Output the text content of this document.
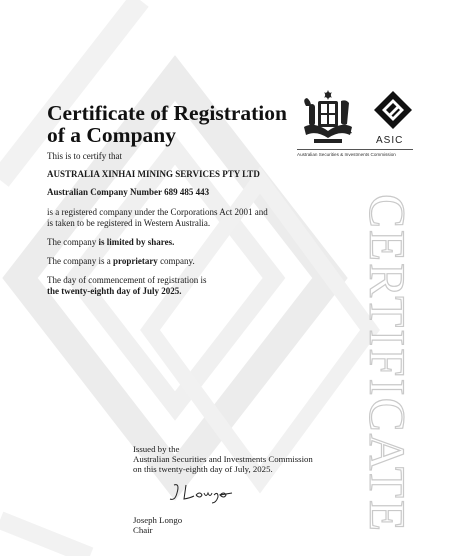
Certificate of Registration
of a Company

This is to certify that

AUSTRALIA XINHAI MINING SERVICES PTY LTD

Australian Company Number 689 485 443

is a registered company under the Corporations Act 2001 and

is taken to be registered in Western Australia.

The company is limited by shares.

The company is a proprietary company.

The day of commencement of registration is

the twenty-eighth day of July 2025.

ASIC
Australian Securities & Investments Commission
CERTIFICATE
Issued by the
Australian Securities and Investments Commission
on this twenty-eighth day of July, 2025.
Joseph Longo
Chair
